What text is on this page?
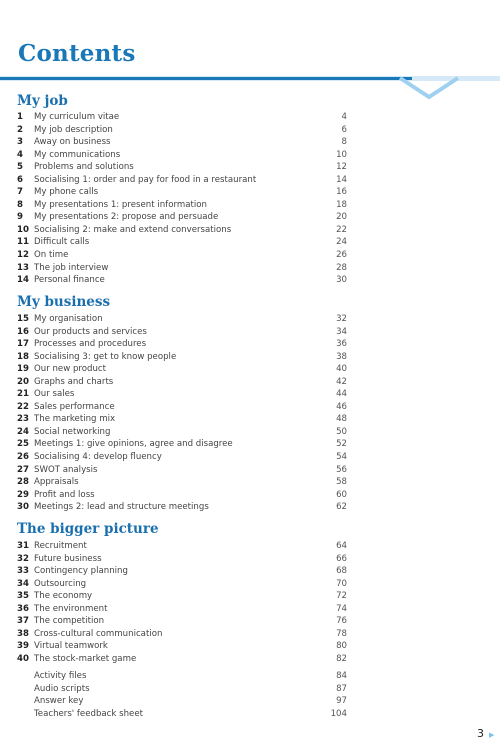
Contents
My job
1	My curriculum vitae	4
2	My job description	6
3	Away on business	8
4	My communications	10
5	Problems and solutions	12
6	Socialising 1: order and pay for food in a restaurant	14
7	My phone calls	16
8	My presentations 1: present information	18
9	My presentations 2: propose and persuade	20
10 Socialising 2: make and extend conversations	22
11 Difficult calls	24
12 On time	26
13 The job interview	28
14 Personal finance	30
My business
15 My organisation	32
16 Our products and services	34
17 Processes and procedures	36
18 Socialising 3: get to know people	38
19 Our new product	40
20 Graphs and charts	42
21 Our sales	44
22 Sales performance	46
23 The marketing mix	48
24 Social networking	50
25 Meetings 1: give opinions, agree and disagree	52
26 Socialising 4: develop fluency	54
27 SWOT analysis	56
28 Appraisals	58
29 Profit and loss	60
30 Meetings 2: lead and structure meetings	62
The bigger picture
31 Recruitment	64
32 Future business	66
33 Contingency planning	68
34 Outsourcing	70
35 The economy	72
36 The environment	74
37 The competition	76
38 Cross-cultural communication	78
39 Virtual teamwork	80
40 The stock-market game	82
Activity files	84
Audio scripts	87
Answer key	97
Teachers' feedback sheet	104
3 ▶
